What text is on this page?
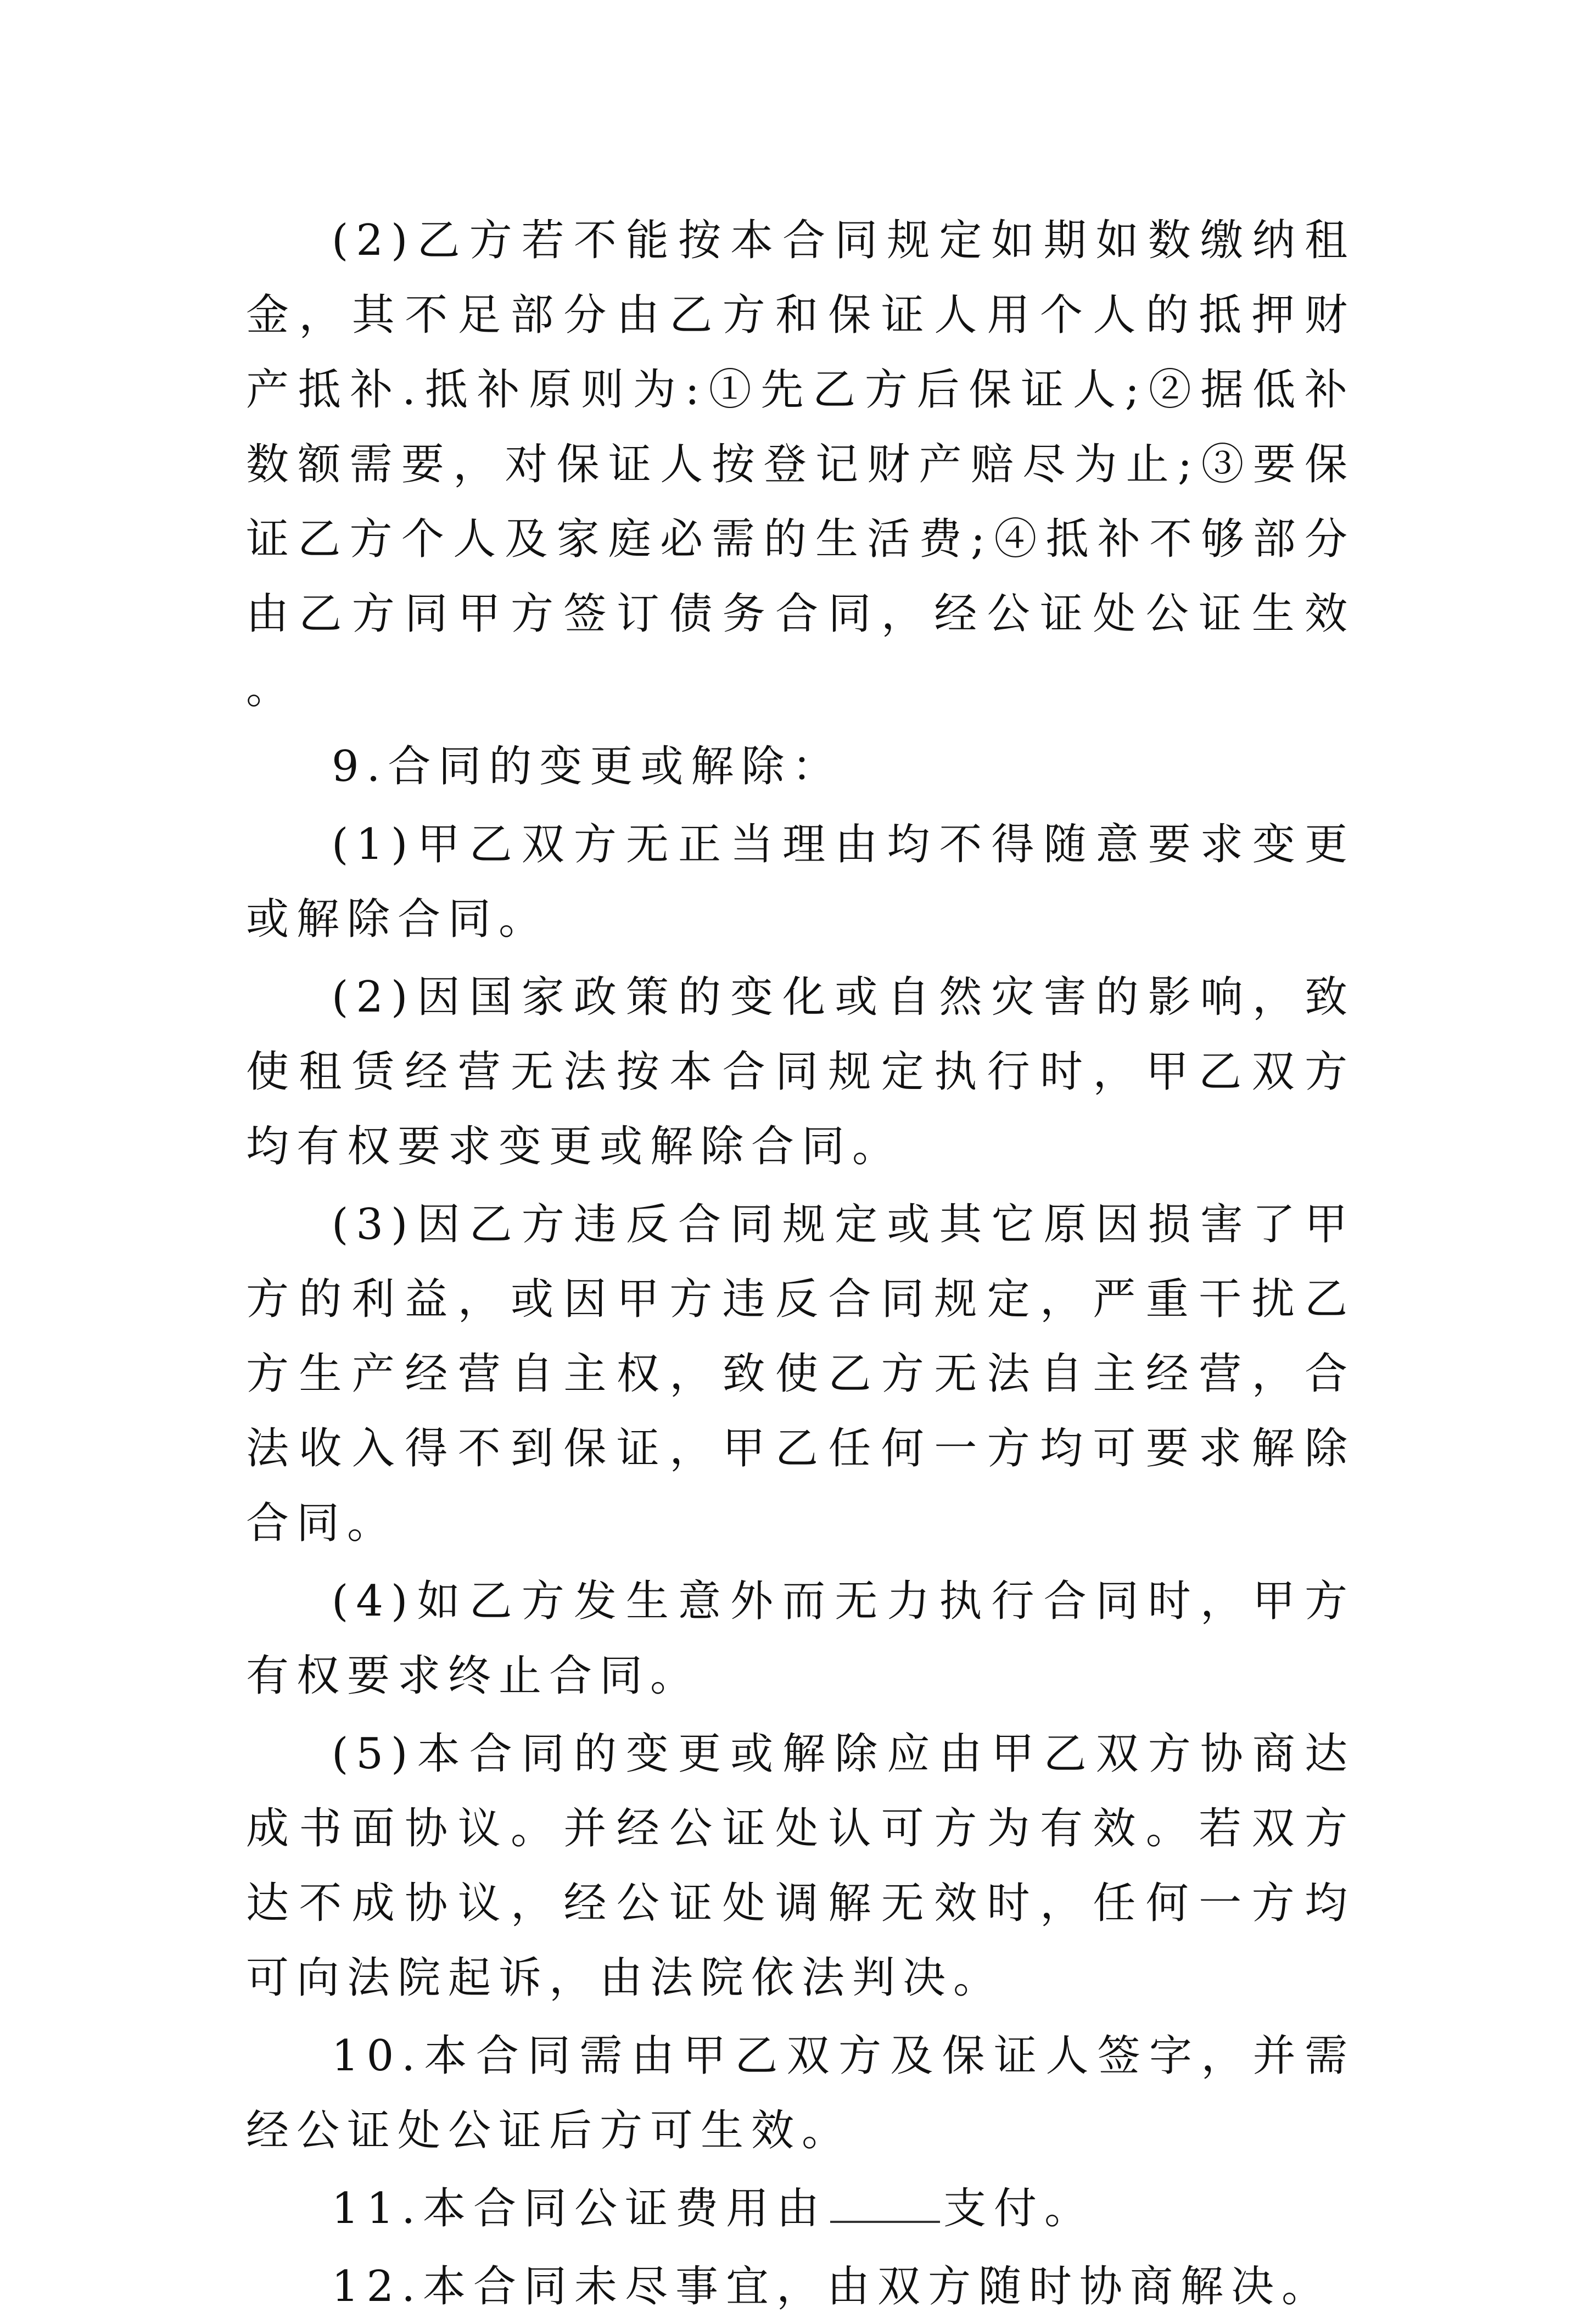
(2)乙方若不能按本合同规定如期如数缴纳租金，其不足部分由乙方和保证人用个人的抵押财产抵补.抵补原则为:①先乙方后保证人;②据低补数额需要，对保证人按登记财产赔尽为止;③要保证乙方个人及家庭必需的生活费;④抵补不够部分由乙方同甲方签订债务合同，经公证处公证生效。

9.合同的变更或解除：

(1)甲乙双方无正当理由均不得随意要求变更或解除合同。

(2)因国家政策的变化或自然灾害的影响，致使租赁经营无法按本合同规定执行时，甲乙双方均有权要求变更或解除合同。

(3)因乙方违反合同规定或其它原因损害了甲方的利益，或因甲方违反合同规定，严重干扰乙方生产经营自主权，致使乙方无法自主经营，合法收入得不到保证，甲乙任何一方均可要求解除合同。

(4)如乙方发生意外而无力执行合同时，甲方有权要求终止合同。

(5)本合同的变更或解除应由甲乙双方协商达成书面协议。并经公证处认可方为有效。若双方达不成协议，经公证处调解无效时，任何一方均可向法院起诉，由法院依法判决。

10.本合同需由甲乙双方及保证人签字，并需经公证处公证后方可生效。

11.本合同公证费用由	支付。

12.本合同未尽事宜，由双方随时协商解决。
